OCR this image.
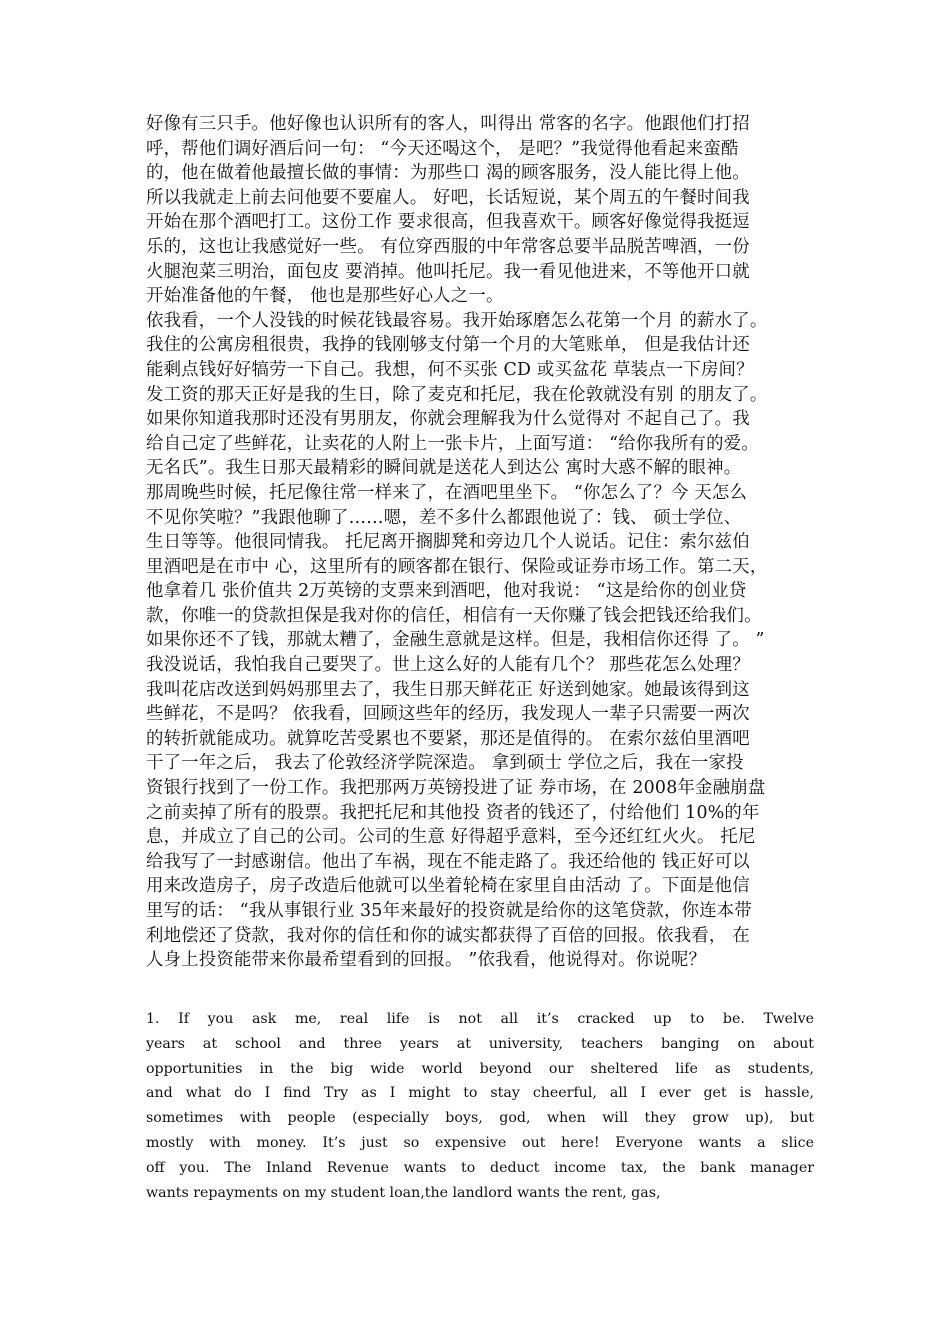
好像有三只手。他好像也认识所有的客人，叫得出 常客的名字。他跟他们打招
呼，帮他们调好酒后问一句： “今天还喝这个， 是吧？”我觉得他看起来蛮酷
的，他在做着他最擅长做的事情：为那些口 渴的顾客服务，没人能比得上他。
所以我就走上前去问他要不要雇人。 好吧，长话短说，某个周五的午餐时间我
开始在那个酒吧打工。这份工作 要求很高，但我喜欢干。顾客好像觉得我挺逗
乐的，这也让我感觉好一些。 有位穿西服的中年常客总要半品脱苦啤酒，一份
火腿泡菜三明治，面包皮 要消掉。他叫托尼。我一看见他进来，不等他开口就
开始准备他的午餐， 他也是那些好心人之一。
依我看，一个人没钱的时候花钱最容易。我开始琢磨怎么花第一个月 的薪水了。
我住的公寓房租很贵，我挣的钱刚够支付第一个月的大笔账单， 但是我估计还
能剩点钱好好犒劳一下自己。我想，何不买张 CD 或买盆花 草装点一下房间？
发工资的那天正好是我的生日，除了麦克和托尼，我在伦敦就没有别 的朋友了。
如果你知道我那时还没有男朋友，你就会理解我为什么觉得对 不起自己了。我
给自己定了些鲜花，让卖花的人附上一张卡片，上面写道： “给你我所有的爱。
无名氏”。我生日那天最精彩的瞬间就是送花人到达公 寓时大惑不解的眼神。
那周晚些时候，托尼像往常一样来了，在酒吧里坐下。 “你怎么了？今 天怎么
不见你笑啦？”我跟他聊了……嗯，差不多什么都跟他说了：钱、 硕士学位、
生日等等。他很同情我。 托尼离开搁脚凳和旁边几个人说话。记住：索尔兹伯
里酒吧是在市中 心，这里所有的顾客都在银行、保险或证券市场工作。第二天，
他拿着几 张价值共 2万英镑的支票来到酒吧，他对我说： “这是给你的创业贷
款，你唯一的贷款担保是我对你的信任，相信有一天你赚了钱会把钱还给我们。
如果你还不了钱，那就太糟了，金融生意就是这样。但是，我相信你还得 了。 ”
我没说话，我怕我自己要哭了。世上这么好的人能有几个？ 那些花怎么处理？
我叫花店改送到妈妈那里去了，我生日那天鲜花正 好送到她家。她最该得到这
些鲜花，不是吗？ 依我看，回顾这些年的经历，我发现人一辈子只需要一两次
的转折就能成功。就算吃苦受累也不要紧，那还是值得的。 在索尔兹伯里酒吧
干了一年之后， 我去了伦敦经济学院深造。 拿到硕士 学位之后，我在一家投
资银行找到了一份工作。我把那两万英镑投进了证 券市场，在 2008年金融崩盘
之前卖掉了所有的股票。我把托尼和其他投 资者的钱还了，付给他们 10%的年
息，并成立了自己的公司。公司的生意 好得超乎意料，至今还红红火火。 托尼
给我写了一封感谢信。他出了车祸，现在不能走路了。我还给他的 钱正好可以
用来改造房子，房子改造后他就可以坐着轮椅在家里自由活动 了。下面是他信
里写的话： “我从事银行业 35年来最好的投资就是给你的这笔贷款，你连本带
利地偿还了贷款，我对你的信任和你的诚实都获得了百倍的回报。依我看， 在
人身上投资能带来你最希望看到的回报。 ”依我看，他说得对。你说呢？
1. If you ask me, real life is not all it’s cracked up to be. Twelve
years at school and three years at university, teachers banging on about
opportunities in the big wide world beyond our sheltered life as students,
and what do I find Try as I might to stay cheerful, all I ever get is hassle,
sometimes with people (especially boys, god, when will they grow up), but
mostly with money. It’s just so expensive out here! Everyone wants a slice
off you. The Inland Revenue wants to deduct income tax, the bank manager
wants repayments on my student loan,the landlord wants the rent, gas,
